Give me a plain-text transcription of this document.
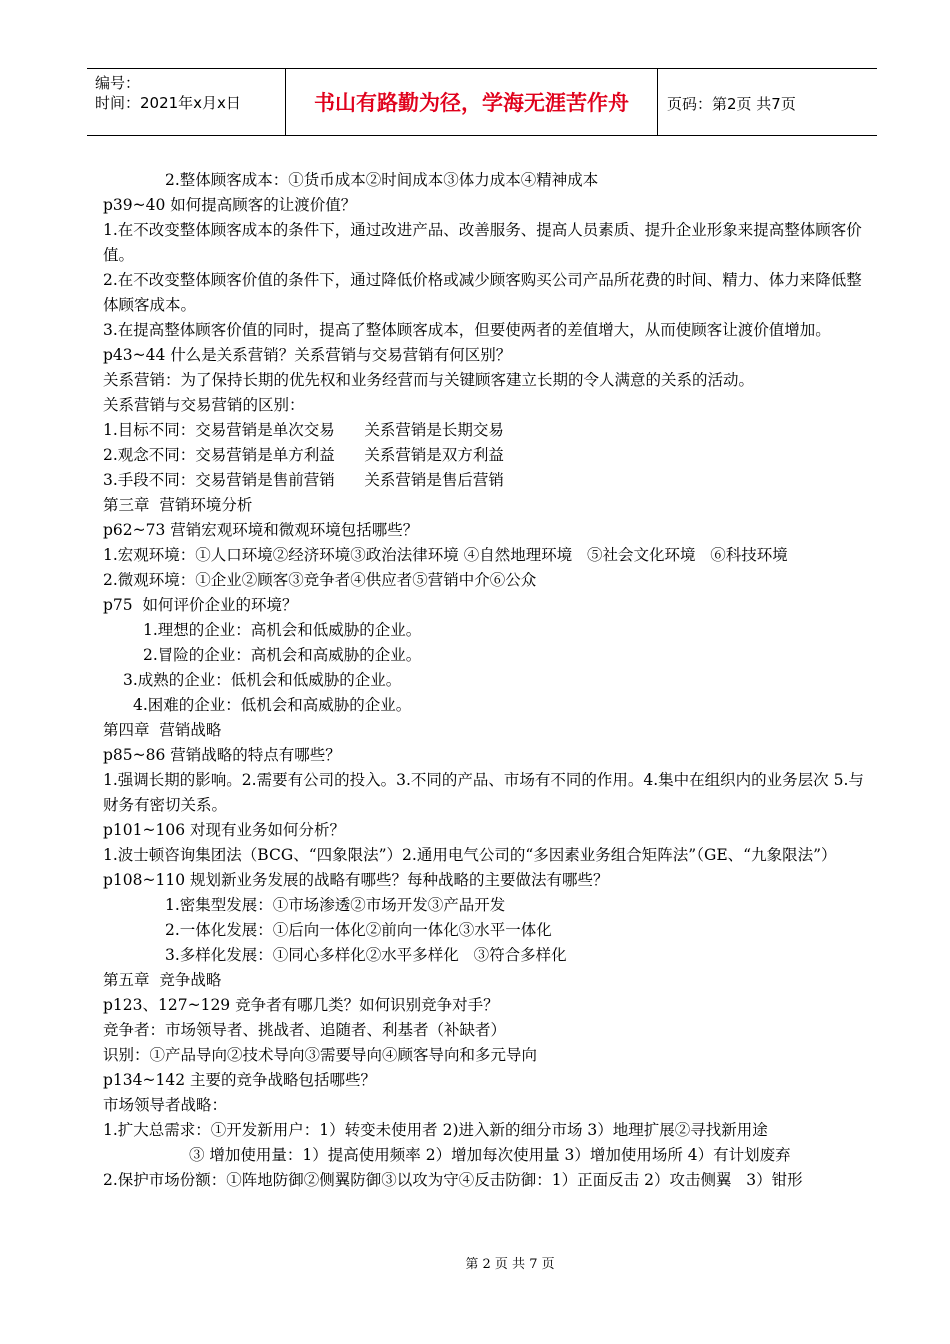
编号：
时间：2021年x月x日	书山有路勤为径，学海无涯苦作舟	页码：第2页 共7页
2.整体顾客成本：①货币成本②时间成本③体力成本④精神成本
p39~40 如何提高顾客的让渡价值？
1.在不改变整体顾客成本的条件下，通过改进产品、改善服务、提高人员素质、提升企业形象来提高整体顾客价值。
2.在不改变整体顾客价值的条件下，通过降低价格或减少顾客购买公司产品所花费的时间、精力、体力来降低整体顾客成本。
3.在提高整体顾客价值的同时，提高了整体顾客成本，但要使两者的差值增大，从而使顾客让渡价值增加。
p43~44 什么是关系营销？关系营销与交易营销有何区别？
关系营销：为了保持长期的优先权和业务经营而与关键顾客建立长期的令人满意的关系的活动。
关系营销与交易营销的区别：
1.目标不同：交易营销是单次交易      关系营销是长期交易
2.观念不同：交易营销是单方利益      关系营销是双方利益
3.手段不同：交易营销是售前营销      关系营销是售后营销
第三章  营销环境分析
p62~73 营销宏观环境和微观环境包括哪些？
1.宏观环境：①人口环境②经济环境③政治法律环境 ④自然地理环境   ⑤社会文化环境   ⑥科技环境
2.微观环境：①企业②顾客③竞争者④供应者⑤营销中介⑥公众
p75  如何评价企业的环境？
1.理想的企业：高机会和低威胁的企业。
2.冒险的企业：高机会和高威胁的企业。
3.成熟的企业：低机会和低威胁的企业。
4.困难的企业：低机会和高威胁的企业。
第四章  营销战略
p85~86 营销战略的特点有哪些？
1.强调长期的影响。2.需要有公司的投入。3.不同的产品、市场有不同的作用。4.集中在组织内的业务层次 5.与财务有密切关系。
p101~106 对现有业务如何分析？
1.波士顿咨询集团法（BCG、“四象限法”）2.通用电气公司的“多因素业务组合矩阵法”（GE、“九象限法”）
p108~110 规划新业务发展的战略有哪些？每种战略的主要做法有哪些？
1.密集型发展：①市场渗透②市场开发③产品开发
2.一体化发展：①后向一体化②前向一体化③水平一体化
3.多样化发展：①同心多样化②水平多样化   ③符合多样化
第五章  竞争战略
p123、127~129 竞争者有哪几类？如何识别竞争对手？
竞争者：市场领导者、挑战者、追随者、利基者（补缺者）
识别：①产品导向②技术导向③需要导向④顾客导向和多元导向
p134~142 主要的竞争战略包括哪些？
市场领导者战略：
1.扩大总需求：①开发新用户：1）转变未使用者 2)进入新的细分市场 3）地理扩展②寻找新用途
③ 增加使用量：1）提高使用频率 2）增加每次使用量 3）增加使用场所 4）有计划废弃
2.保护市场份额：①阵地防御②侧翼防御③以攻为守④反击防御：1）正面反击 2）攻击侧翼   3）钳形
第 2 页 共 7 页
